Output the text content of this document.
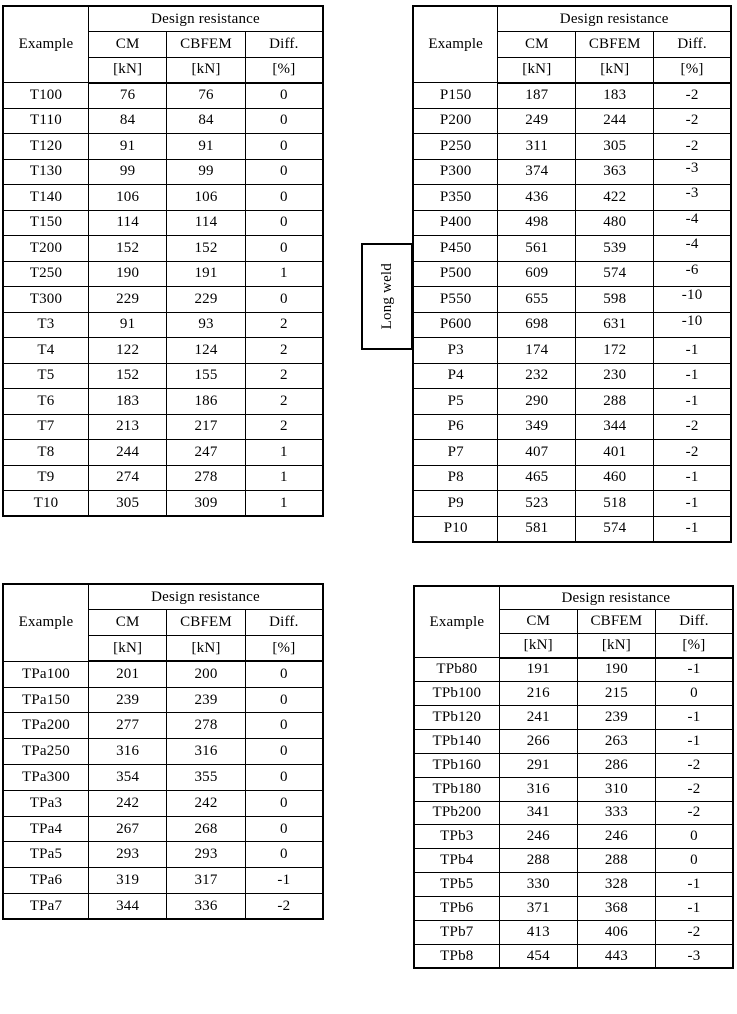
Example	Design resistance		
	CM	CBFEM	Diff.
	[kN]	[kN]	[%]
T100	76	76	0
T110	84	84	0
T120	91	91	0
T130	99	99	0
T140	106	106	0
T150	114	114	0
T200	152	152	0
T250	190	191	1
T300	229	229	0
T3	91	93	2
T4	122	124	2
T5	152	155	2
T6	183	186	2
T7	213	217	2
T8	244	247	1
T9	274	278	1
T10	305	309	1
Example	Design resistance		
	CM	CBFEM	Diff.
	[kN]	[kN]	[%]
P150	187	183	-2
P200	249	244	-2
P250	311	305	-2
P300	374	363	-3
P350	436	422	-3
P400	498	480	-4
P450	561	539	-4
P500	609	574	-6
P550	655	598	-10
P600	698	631	-10
P3	174	172	-1
P4	232	230	-1
P5	290	288	-1
P6	349	344	-2
P7	407	401	-2
P8	465	460	-1
P9	523	518	-1
P10	581	574	-1
Long weld
Example	Design resistance		
	CM	CBFEM	Diff.
	[kN]	[kN]	[%]
TPa100	201	200	0
TPa150	239	239	0
TPa200	277	278	0
TPa250	316	316	0
TPa300	354	355	0
TPa3	242	242	0
TPa4	267	268	0
TPa5	293	293	0
TPa6	319	317	-1
TPa7	344	336	-2
Example	Design resistance		
	CM	CBFEM	Diff.
	[kN]	[kN]	[%]
TPb80	191	190	-1
TPb100	216	215	0
TPb120	241	239	-1
TPb140	266	263	-1
TPb160	291	286	-2
TPb180	316	310	-2
TPb200	341	333	-2
TPb3	246	246	0
TPb4	288	288	0
TPb5	330	328	-1
TPb6	371	368	-1
TPb7	413	406	-2
TPb8	454	443	-3
